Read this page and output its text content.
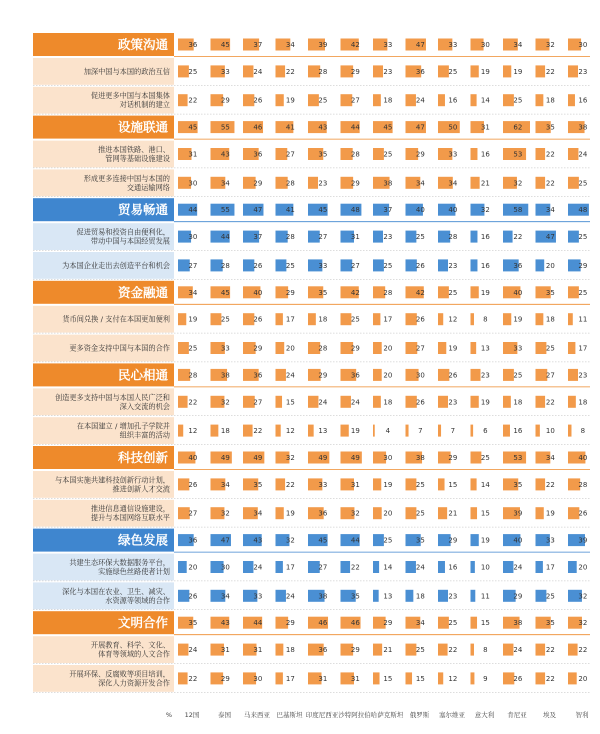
政策沟通	36	45	37	34	39	42	33	47	33	30	34	32	30
加深中国与本国的政治互信	25	33	24	22	28	29	23	36	25	19	19	22	23
促进更多中国与本国集体
对话机制的建立	22	29	26	19	25	27	18	24	16	14	25	18	16
设施联通	45	55	46	41	43	44	45	47	50	31	62	35	38
推进本国铁路、港口、
管网等基础设施建设	31	43	36	27	35	28	25	29	33	16	53	22	24
形成更多连接中国与本国的
交通运输网络	30	34	29	28	23	29	38	34	34	21	32	22	25
贸易畅通	44	55	47	41	45	48	37	40	40	32	58	34	48
促进贸易和投资自由便利化，
带动中国与本国经贸发展	30	44	37	28	27	31	23	25	28	16	22	47	25
为本国企业走出去创造平台和机会	27	28	26	25	33	27	25	26	23	16	36	20	29
资金融通	34	45	40	29	35	42	28	42	25	19	40	35	25
货币间兑换 / 支付在本国更加便利	19	25	26	17	18	25	17	26	12	8	19	18	11
更多资金支持中国与本国的合作	25	33	29	20	28	29	20	27	19	13	33	25	17
民心相通	28	38	36	24	29	36	20	30	26	23	25	27	23
创造更多支持中国与本国人民广泛和
深入交流的机会	22	32	27	15	24	24	18	26	23	19	18	22	18
在本国建立 / 增加孔子学院并
组织丰富的活动	12	18	22	12	13	19	4	7	7	6	16	10	8
科技创新	40	49	49	32	49	49	30	38	29	25	53	34	40
与本国实施共建科技创新行动计划，
推进创新人才交流	26	34	35	22	33	31	19	25	15	14	35	22	28
推进信息通信设施建设，
提升与本国网络互联水平	27	32	34	19	36	32	20	25	21	15	39	19	26
绿色发展	36	47	43	32	45	44	25	35	29	19	40	33	39
共建生态环保大数据服务平台，
实施绿色丝路使者计划	20	30	24	17	27	22	14	24	16	10	24	17	20
深化与本国在农业、卫生、减灾、
水资源等领域的合作	26	34	33	24	38	35	13	18	23	11	29	25	32
文明合作	35	43	44	29	46	46	29	34	25	15	38	35	32
开展教育、科学、文化、
体育等领域的人文合作	24	31	31	18	36	29	21	25	22	8	24	22	22
开展环保、反腐败等项目培训，
深化人力资源开发合作	22	29	30	17	31	31	15	15	12	9	26	22	20
% 12国	泰国 马来西亚 巴基斯坦 印度尼西亚 沙特阿拉伯 哈萨克斯坦 俄罗斯 塞尔维亚 意大利 肯尼亚	埃及	智利
